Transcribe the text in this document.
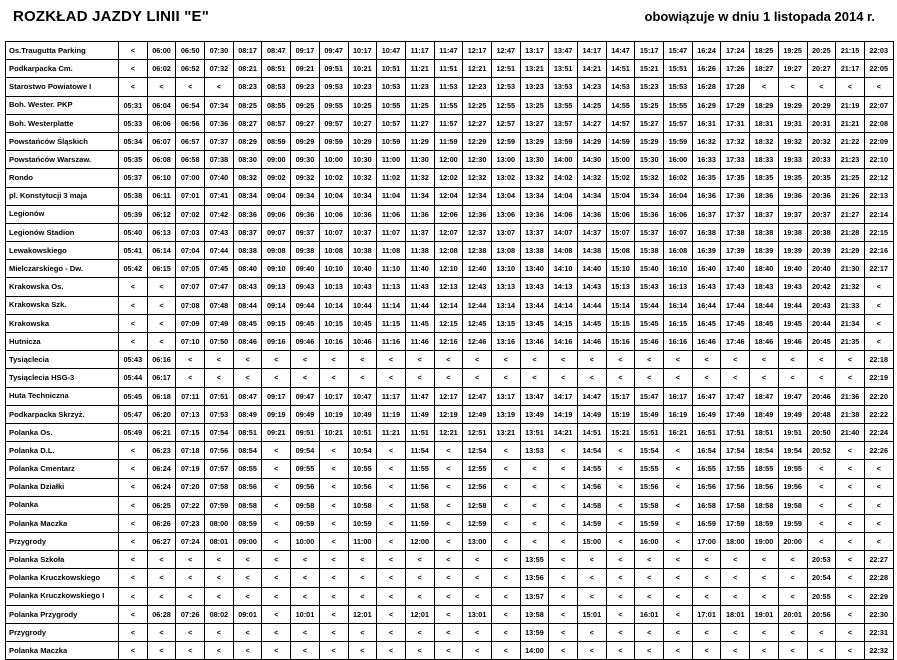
ROZKŁAD JAZDY LINII "E"	obowiązuje w dniu 1 listopada 2014 r.
Os.Traugutta Parking	<	06:00	06:50	07:30	08:17	08:47	09:17	09:47	10:17	10:47	11:17	11:47	12:17	12:47	13:17	13:47	14:17	14:47	15:17	15:47	16:24	17:24	18:25	19:25	20:25	21:15	22:03
Podkarpacka Cm.	<	06:02	06:52	07:32	08:21	08:51	09:21	09:51	10:21	10:51	11:21	11:51	12:21	12:51	13:21	13:51	14:21	14:51	15:21	15:51	16:26	17:26	18:27	19:27	20:27	21:17	22:05
Starostwo Powiatowe I	<	<	<	<	08:23	08:53	09:23	09:53	10:23	10:53	11:23	11:53	12:23	12:53	13:23	13:53	14:23	14:53	15:23	15:53	16:28	17:28	<	<	<	<	<
Boh. Wester. PKP	05:31	06:04	06:54	07:34	08:25	08:55	09:25	09:55	10:25	10:55	11:25	11:55	12:25	12:55	13:25	13:55	14:25	14:55	15:25	15:55	16:29	17:29	18:29	19:29	20:29	21:19	22:07
Boh. Westerplatte	05:33	06:06	06:56	07:36	08:27	08:57	09:27	09:57	10:27	10:57	11:27	11:57	12:27	12:57	13:27	13:57	14:27	14:57	15:27	15:57	16:31	17:31	18:31	19:31	20:31	21:21	22:08
Powstańców Śląskich	05:34	06:07	06:57	07:37	08:29	08:59	09:29	09:59	10:29	10:59	11:29	11:59	12:29	12:59	13:29	13:59	14:29	14:59	15:29	15:59	16:32	17:32	18:32	19:32	20:32	21:22	22:09
Powstańców Warszaw.	05:35	06:08	06:58	07:38	08:30	09:00	09:30	10:00	10:30	11:00	11:30	12:00	12:30	13:00	13:30	14:00	14:30	15:00	15:30	16:00	16:33	17:33	18:33	19:33	20:33	21:23	22:10
Rondo	05:37	06:10	07:00	07:40	08:32	09:02	09:32	10:02	10:32	11:02	11:32	12:02	12:32	13:02	13:32	14:02	14:32	15:02	15:32	16:02	16:35	17:35	18:35	19:35	20:35	21:25	22:12
pl. Konstytucji 3 maja	05:38	06:11	07:01	07:41	08:34	09:04	09:34	10:04	10:34	11:04	11:34	12:04	12:34	13:04	13:34	14:04	14:34	15:04	15:34	16:04	16:36	17:36	18:36	19:36	20:36	21:26	22:13
Legionów	05:39	06:12	07:02	07:42	08:36	09:06	09:36	10:06	10:36	11:06	11:36	12:06	12:36	13:06	13:36	14:06	14:36	15:06	15:36	16:06	16:37	17:37	18:37	19:37	20:37	21:27	22:14
Legionów Stadion	05:40	06:13	07:03	07:43	08:37	09:07	09:37	10:07	10:37	11:07	11:37	12:07	12:37	13:07	13:37	14:07	14:37	15:07	15:37	16:07	16:38	17:38	18:38	19:38	20:38	21:28	22:15
Lewakowskiego	05:41	06:14	07:04	07:44	08:38	09:08	09:38	10:08	10:38	11:08	11:38	12:08	12:38	13:08	13:38	14:08	14:38	15:08	15:38	16:08	16:39	17:39	18:39	19:39	20:39	21:29	22:16
Mielczarskiego - Dw.	05:42	06:15	07:05	07:45	08:40	09:10	09:40	10:10	10:40	11:10	11:40	12:10	12:40	13:10	13:40	14:10	14:40	15:10	15:40	16:10	16:40	17:40	18:40	19:40	20:40	21:30	22:17
Krakowska Os.	<	<	07:07	07:47	08:43	09:13	09:43	10:13	10:43	11:13	11:43	12:13	12:43	13:13	13:43	14:13	14:43	15:13	15:43	16:13	16:43	17:43	18:43	19:43	20:42	21:32	<
Krakowska Szk.	<	<	07:08	07:48	08:44	09:14	09:44	10:14	10:44	11:14	11:44	12:14	12:44	13:14	13:44	14:14	14:44	15:14	15:44	16:14	16:44	17:44	18:44	19:44	20:43	21:33	<
Krakowska	<	<	07:09	07:49	08:45	09:15	09:45	10:15	10:45	11:15	11:45	12:15	12:45	13:15	13:45	14:15	14:45	15:15	15:45	16:15	16:45	17:45	18:45	19:45	20:44	21:34	<
Hutnicza	<	<	07:10	07:50	08:46	09:16	09:46	10:16	10:46	11:16	11:46	12:16	12:46	13:16	13:46	14:16	14:46	15:16	15:46	16:16	16:46	17:46	18:46	19:46	20:45	21:35	<
Tysiąclecia	05:43	06:16	<	<	<	<	<	<	<	<	<	<	<	<	<	<	<	<	<	<	<	<	<	<	<	<	22:18
Tysiąclecia HSG-3	05:44	06:17	<	<	<	<	<	<	<	<	<	<	<	<	<	<	<	<	<	<	<	<	<	<	<	<	22:19
Huta Techniczna	05:45	06:18	07:11	07:51	08:47	09:17	09:47	10:17	10:47	11:17	11:47	12:17	12:47	13:17	13:47	14:17	14:47	15:17	15:47	16:17	16:47	17:47	18:47	19:47	20:46	21:36	22:20
Podkarpacka Skrzyż.	05:47	06:20	07:13	07:53	08:49	09:19	09:49	10:19	10:49	11:19	11:49	12:19	12:49	13:19	13:49	14:19	14:49	15:19	15:49	16:19	16:49	17:49	18:49	19:49	20:48	21:38	22:22
Polanka Os.	05:49	06:21	07:15	07:54	08:51	09:21	09:51	10:21	10:51	11:21	11:51	12:21	12:51	13:21	13:51	14:21	14:51	15:21	15:51	16:21	16:51	17:51	18:51	19:51	20:50	21:40	22:24
Polanka D.L.	<	06:23	07:18	07:56	08:54	<	09:54	<	10:54	<	11:54	<	12:54	<	13:53	<	14:54	<	15:54	<	16:54	17:54	18:54	19:54	20:52	<	22:26
Polanka Cmentarz	<	06:24	07:19	07:57	08:55	<	09:55	<	10:55	<	11:55	<	12:55	<	<	<	14:55	<	15:55	<	16:55	17:55	18:55	19:55	<	<	<
Polanka Działki	<	06:24	07:20	07:58	08:56	<	09:56	<	10:56	<	11:56	<	12:56	<	<	<	14:56	<	15:56	<	16:56	17:56	18:56	19:56	<	<	<
Polanka	<	06:25	07:22	07:59	08:58	<	09:58	<	10:58	<	11:58	<	12:58	<	<	<	14:58	<	15:58	<	16:58	17:58	18:58	19:58	<	<	<
Polanka Maczka	<	06:26	07:23	08:00	08:59	<	09:59	<	10:59	<	11:59	<	12:59	<	<	<	14:59	<	15:59	<	16:59	17:59	18:59	19:59	<	<	<
Przygrody	<	06:27	07:24	08:01	09:00	<	10:00	<	11:00	<	12:00	<	13:00	<	<	<	15:00	<	16:00	<	17:00	18:00	19:00	20:00	<	<	<
Polanka Szkoła	<	<	<	<	<	<	<	<	<	<	<	<	<	<	13:55	<	<	<	<	<	<	<	<	<	20:53	<	22:27
Polanka Kruczkowskiego	<	<	<	<	<	<	<	<	<	<	<	<	<	<	13:56	<	<	<	<	<	<	<	<	<	20:54	<	22:28
Polanka Kruczkowskiego I	<	<	<	<	<	<	<	<	<	<	<	<	<	<	13:57	<	<	<	<	<	<	<	<	<	20:55	<	22:29
Polanka Przygrody	<	06:28	07:26	08:02	09:01	<	10:01	<	12:01	<	12:01	<	13:01	<	13:58	<	15:01	<	16:01	<	17:01	18:01	19:01	20:01	20:56	<	22:30
Przygrody	<	<	<	<	<	<	<	<	<	<	<	<	<	<	13:59	<	<	<	<	<	<	<	<	<	<	<	22:31
Polanka Maczka	<	<	<	<	<	<	<	<	<	<	<	<	<	<	14:00	<	<	<	<	<	<	<	<	<	<	<	22:32
